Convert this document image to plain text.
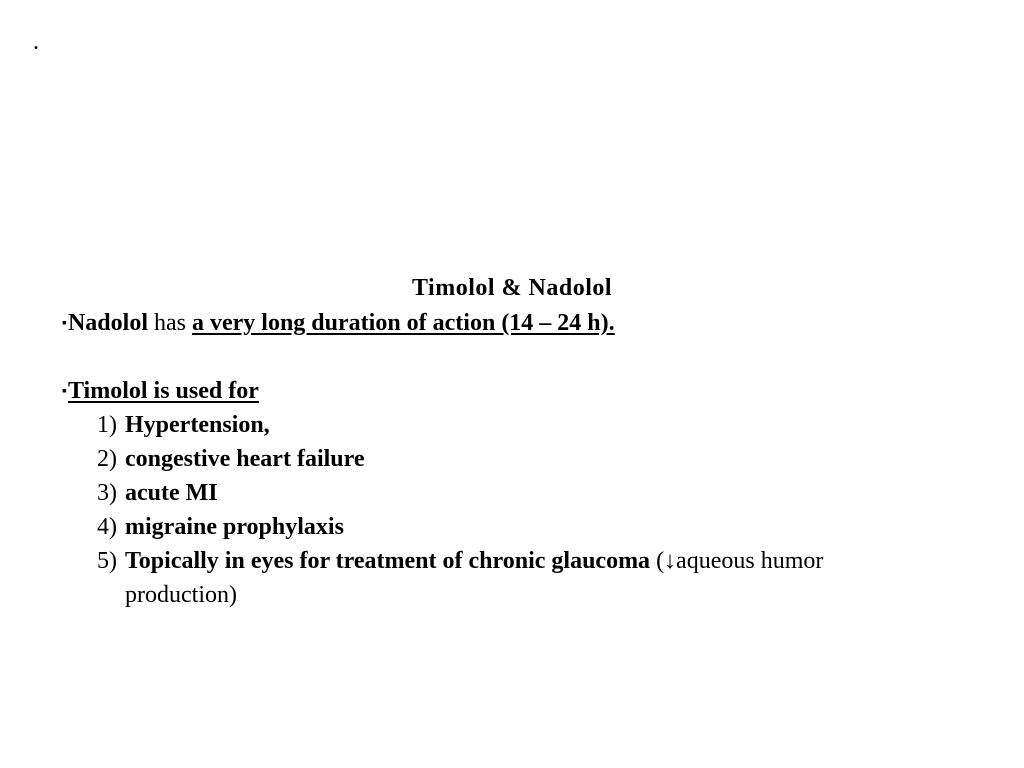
.
Timolol & Nadolol
▪Nadolol has a very long duration of action (14 – 24 h).
▪Timolol is used for
1) Hypertension,
2) congestive heart failure
3) acute MI
4) migraine prophylaxis
5) Topically in eyes for treatment of chronic glaucoma (↓aqueous humor
production)
